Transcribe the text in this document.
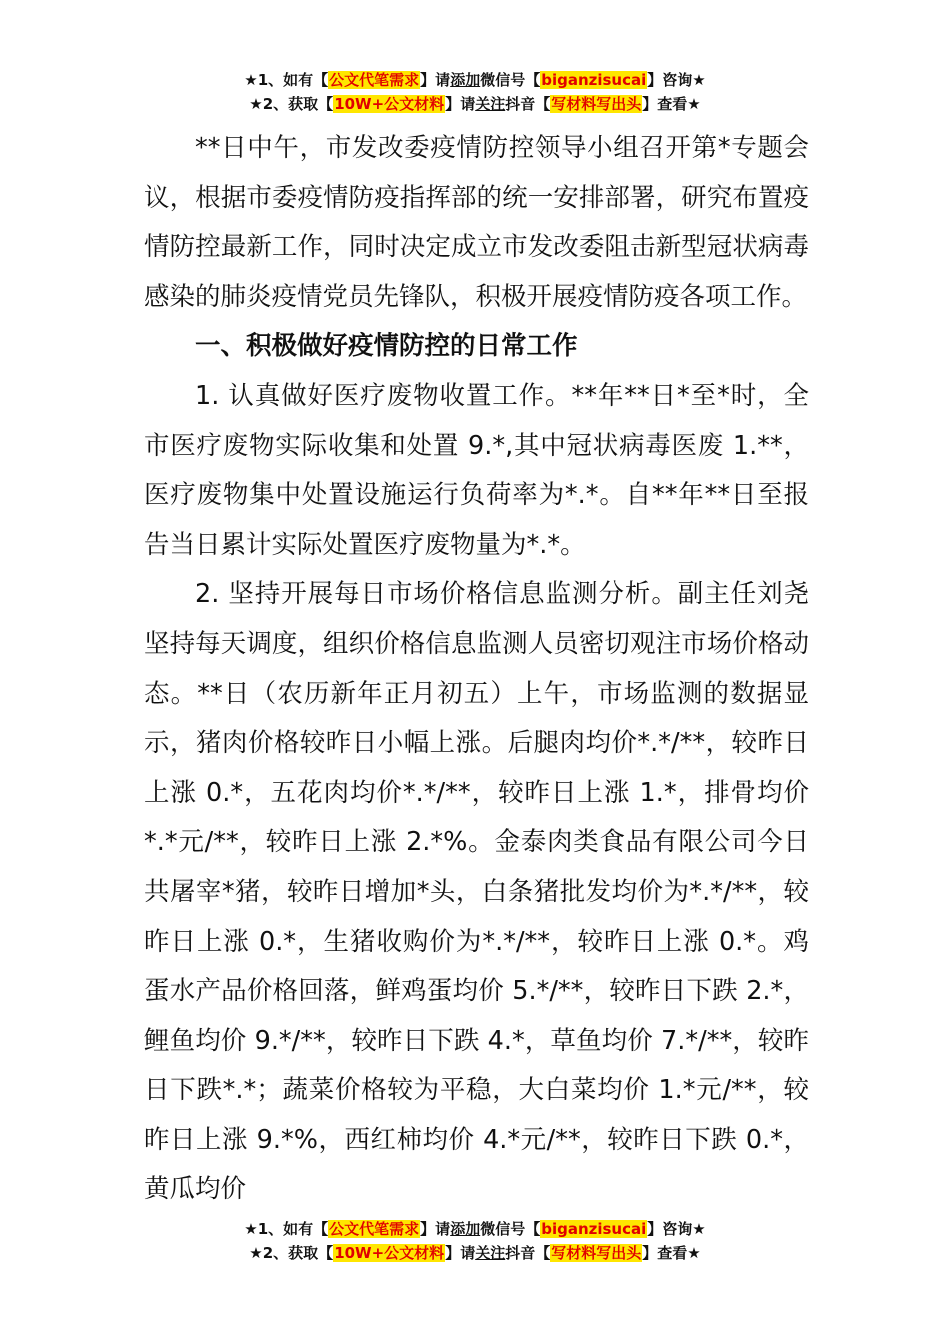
★1、如有【公文代笔需求】请添加微信号【biganzisucai】咨询★
★2、获取【10W+公文材料】请关注抖音【写材料写出头】查看★

**日中午，市发改委疫情防控领导小组召开第*专题会议，根据市委疫情防疫指挥部的统一安排部署，研究布置疫情防控最新工作，同时决定成立市发改委阻击新型冠状病毒感染的肺炎疫情党员先锋队，积极开展疫情防疫各项工作。

一、积极做好疫情防控的日常工作

1. 认真做好医疗废物收置工作。**年**日*至*时，全市医疗废物实际收集和处置 9.*,其中冠状病毒医废 1.**，医疗废物集中处置设施运行负荷率为*.*。自**年**日至报告当日累计实际处置医疗废物量为*.*。

2. 坚持开展每日市场价格信息监测分析。副主任刘尧坚持每天调度，组织价格信息监测人员密切观注市场价格动态。**日（农历新年正月初五）上午，市场监测的数据显示，猪肉价格较昨日小幅上涨。后腿肉均价*.*/**，较昨日上涨 0.*，五花肉均价*.*/**，较昨日上涨 1.*，排骨均价*.*元/**，较昨日上涨 2.*%。金泰肉类食品有限公司今日共屠宰*猪，较昨日增加*头，白条猪批发均价为*.*/**，较昨日上涨 0.*，生猪收购价为*.*/**，较昨日上涨 0.*。鸡蛋水产品价格回落，鲜鸡蛋均价 5.*/**，较昨日下跌 2.*，鲤鱼均价 9.*/**，较昨日下跌 4.*，草鱼均价 7.*/**，较昨日下跌*.*；蔬菜价格较为平稳，大白菜均价 1.*元/**，较昨日上涨 9.*%，西红柿均价 4.*元/**，较昨日下跌 0.*，黄瓜均价

★1、如有【公文代笔需求】请添加微信号【biganzisucai】咨询★
★2、获取【10W+公文材料】请关注抖音【写材料写出头】查看★
